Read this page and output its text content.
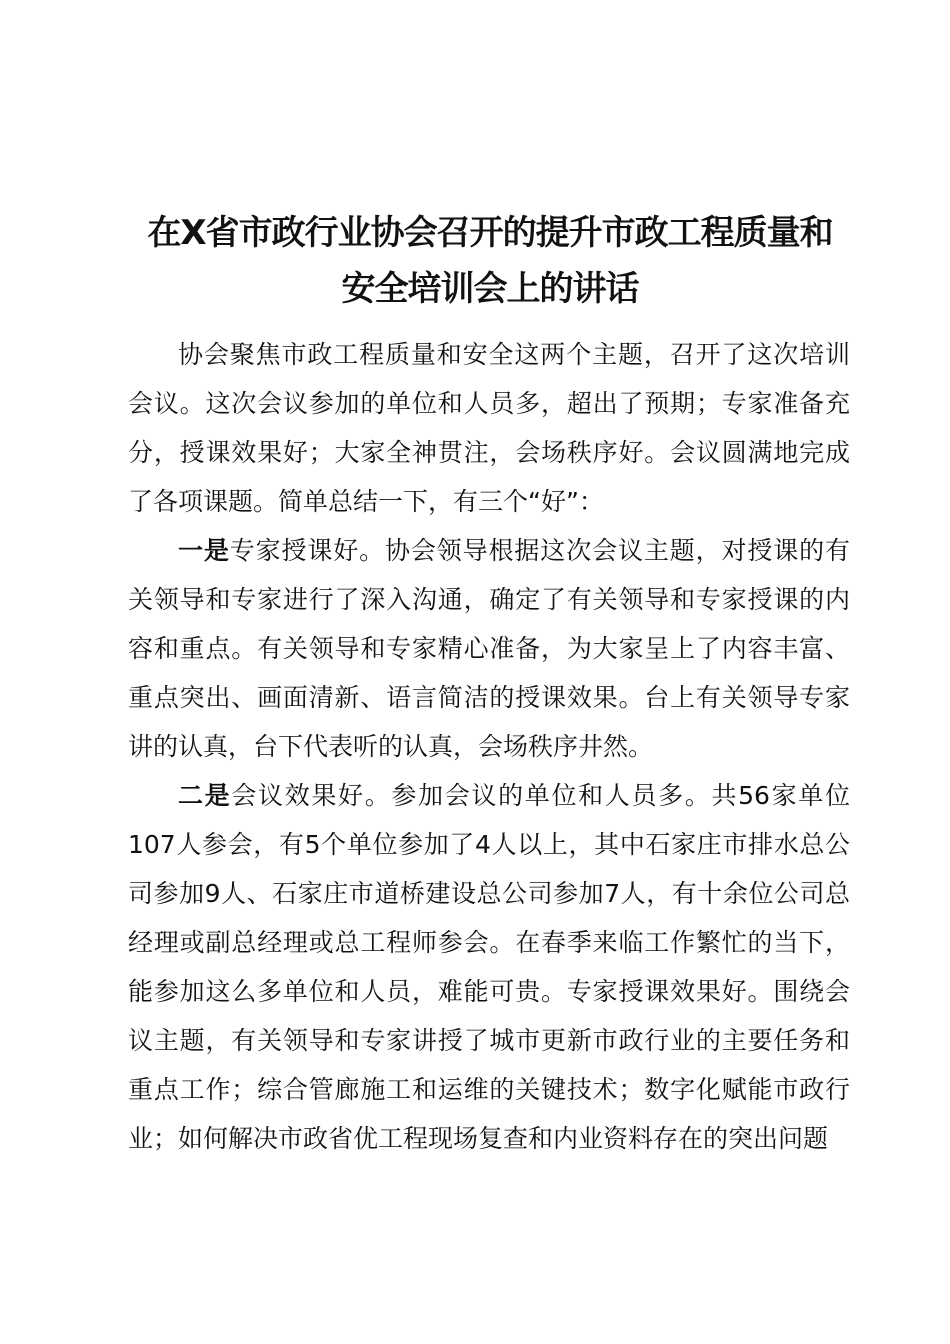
在X省市政行业协会召开的提升市政工程质量和
安全培训会上的讲话

协会聚焦市政工程质量和安全这两个主题，召开了这次培训会议。这次会议参加的单位和人员多，超出了预期；专家准备充分，授课效果好；大家全神贯注，会场秩序好。会议圆满地完成了各项课题。简单总结一下，有三个“好”：

一是专家授课好。协会领导根据这次会议主题，对授课的有关领导和专家进行了深入沟通，确定了有关领导和专家授课的内容和重点。有关领导和专家精心准备，为大家呈上了内容丰富、重点突出、画面清新、语言简洁的授课效果。台上有关领导专家讲的认真，台下代表听的认真，会场秩序井然。

二是会议效果好。参加会议的单位和人员多。共56家单位107人参会，有5个单位参加了4人以上，其中石家庄市排水总公司参加9人、石家庄市道桥建设总公司参加7人，有十余位公司总经理或副总经理或总工程师参会。在春季来临工作繁忙的当下，能参加这么多单位和人员，难能可贵。专家授课效果好。围绕会议主题，有关领导和专家讲授了城市更新市政行业的主要任务和重点工作；综合管廊施工和运维的关键技术；数字化赋能市政行业；如何解决市政省优工程现场复查和内业资料存在的突出问题
